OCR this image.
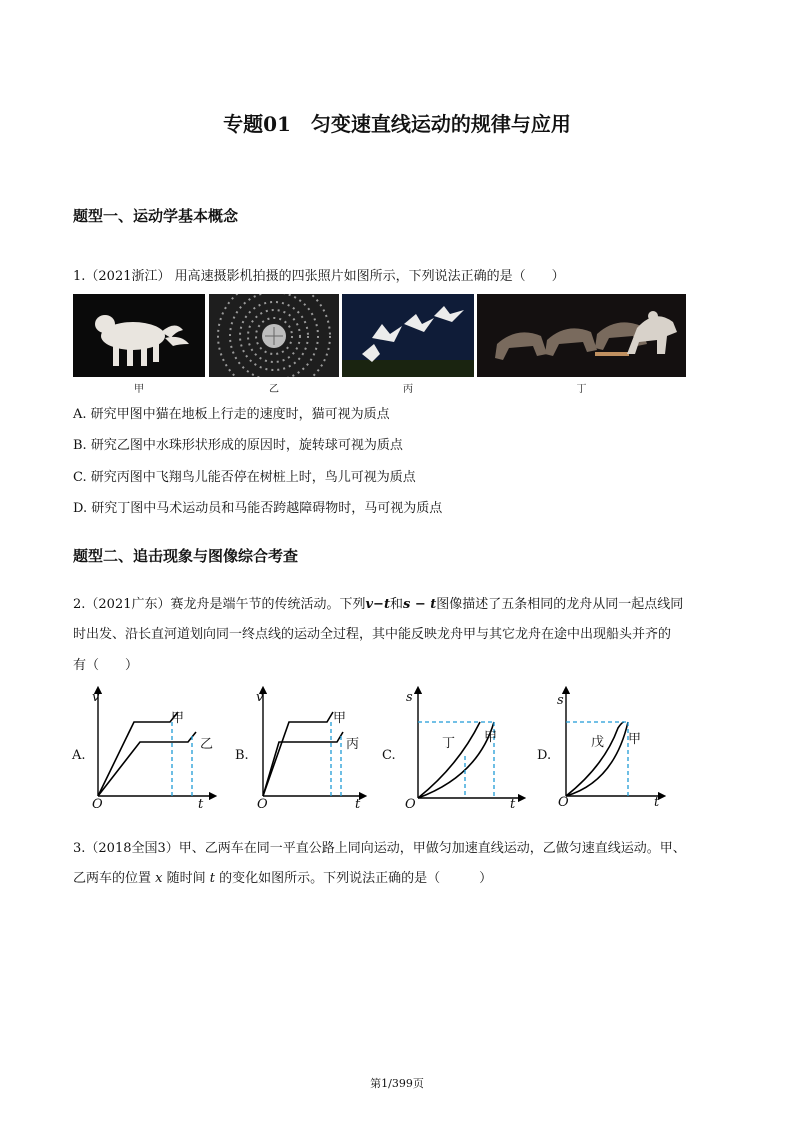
专题01　匀变速直线运动的规律与应用
题型一、运动学基本概念
1.（2021浙江） 用高速摄影机拍摄的四张照片如图所示，下列说法正确的是（　　）
甲	乙	丙	丁
A. 研究甲图中猫在地板上行走的速度时，猫可视为质点
B. 研究乙图中水珠形状形成的原因时，旋转球可视为质点
C. 研究丙图中飞翔鸟儿能否停在树桩上时，鸟儿可视为质点
D. 研究丁图中马术运动员和马能否跨越障碍物时，马可视为质点
题型二、追击现象与图像综合考查
2.（2021广东）赛龙舟是端午节的传统活动。下列v−t和s − t图像描述了五条相同的龙舟从同一起点线同
时出发、沿长直河道划向同一终点线的运动全过程，其中能反映龙舟甲与其它龙舟在途中出现船头并齐的
有（　　）
A.
v
t
O
甲
乙
B.
v
t
O
甲
丙
C.
s
t
O
丁 甲
D.
s
t
O
戊 甲
3.（2018全国3）甲、乙两车在同一平直公路上同向运动，甲做匀加速直线运动，乙做匀速直线运动。甲、
乙两车的位置 x 随时间 t 的变化如图所示。下列说法正确的是（　　　）
第1/399页
